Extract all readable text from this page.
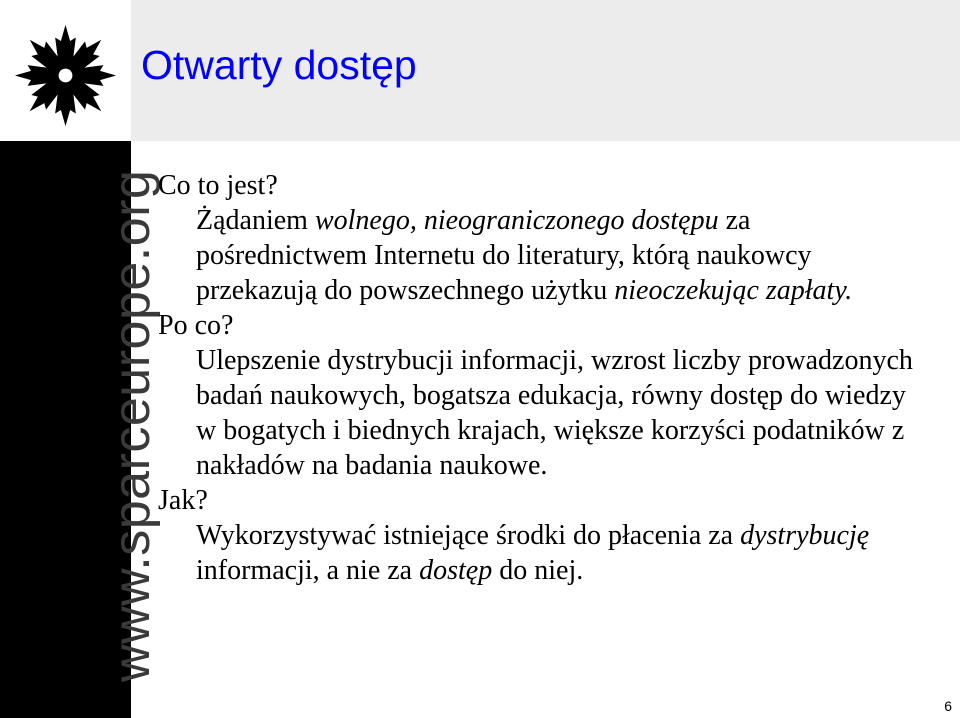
www.sparceurope.org
Otwarty dostęp

Co to jest?

Żądaniem wolnego, nieograniczonego dostępu za pośrednictwem Internetu do literatury, którą naukowcy przekazują do powszechnego użytku nieoczekując zapłaty.

Po co?

Ulepszenie dystrybucji informacji, wzrost liczby prowadzonych badań naukowych, bogatsza edukacja, równy dostęp do wiedzy w bogatych i biednych krajach, większe korzyści podatników z nakładów na badania naukowe.

Jak?

Wykorzystywać istniejące środki do płacenia za dystrybucję informacji, a nie za dostęp do niej.

6
